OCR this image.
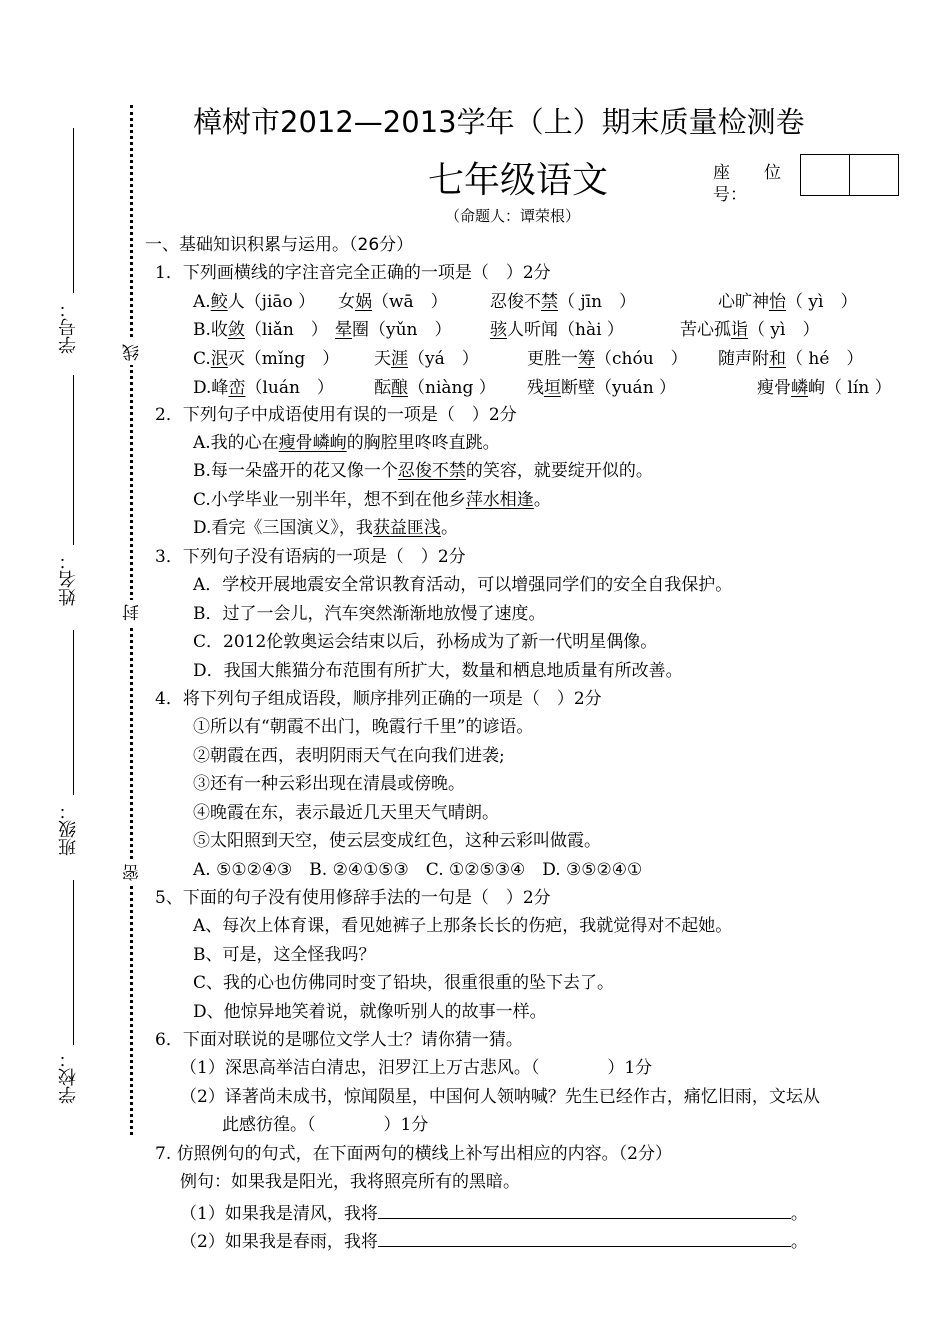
学号：
姓名：
班级：
学校：
线
封
密
樟树市2012—2013学年（上）期末质量检测卷
七年级语文	座　　位
号：
（命题人：谭荣根）
一、基础知识积累与运用。（26分）
1．下列画横线的字注音完全正确的一项是（　）2分
A.鲛人（jiāo ） 女娲（wā　） 忍俊不禁（ jīn　）	心旷神怡（ yì　）
B.收敛（liǎn　） 晕圈（yǔn　） 骇人听闻（hài ）	苦心孤诣（ yì　）
C.泯灭（mǐng　） 天涯（yá　）	更胜一筹（chóu　） 随声附和（ hé　）
D.峰峦（luán　） 酝酿（niàng ） 残垣断壁（yuán ）	瘦骨嶙峋（ lín ）
2．下列句子中成语使用有误的一项是（　）2分
A.我的心在瘦骨嶙峋的胸腔里咚咚直跳。
B.每一朵盛开的花又像一个忍俊不禁的笑容，就要绽开似的。
C.小学毕业一别半年，想不到在他乡萍水相逢。
D.看完《三国演义》，我获益匪浅。
3．下列句子没有语病的一项是（　）2分
A．学校开展地震安全常识教育活动，可以增强同学们的安全自我保护。
B．过了一会儿，汽车突然渐渐地放慢了速度。
C．2012伦敦奥运会结束以后，孙杨成为了新一代明星偶像。
D．我国大熊猫分布范围有所扩大，数量和栖息地质量有所改善。
4．将下列句子组成语段，顺序排列正确的一项是（　）2分
①所以有“朝霞不出门，晚霞行千里”的谚语。
②朝霞在西，表明阴雨天气在向我们进袭;
③还有一种云彩出现在清晨或傍晚。
④晚霞在东，表示最近几天里天气晴朗。
⑤太阳照到天空，使云层变成红色，这种云彩叫做霞。
A. ⑤①②④③　B. ②④①⑤③　C. ①②⑤③④　D. ③⑤②④①
5、下面的句子没有使用修辞手法的一句是（　）2分
A、每次上体育课，看见她裤子上那条长长的伤疤，我就觉得对不起她。
B、可是，这全怪我吗？
C、我的心也仿佛同时变了铅块，很重很重的坠下去了。
D、他惊异地笑着说，就像听别人的故事一样。
6．下面对联说的是哪位文学人士？请你猜一猜。
（1）深思高举洁白清忠，汨罗江上万古悲风。（　　　　）1分
（2）译著尚未成书，惊闻陨星，中国何人领呐喊？先生已经作古，痛忆旧雨，文坛从
此感彷徨。（　　　　）1分
7. 仿照例句的句式，在下面两句的横线上补写出相应的内容。（2分）
例句：如果我是阳光，我将照亮所有的黑暗。
（1）如果我是清风，我将	。
（2）如果我是春雨，我将	。
